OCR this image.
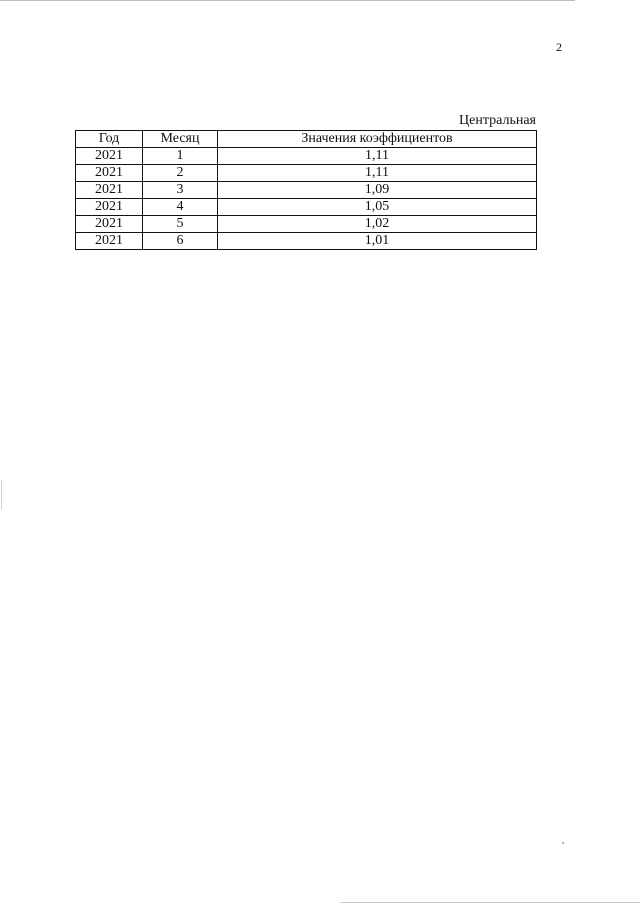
2
Центральная
Год	Месяц	Значения коэффициентов
2021	1	1,11
2021	2	1,11
2021	3	1,09
2021	4	1,05
2021	5	1,02
2021	6	1,01
